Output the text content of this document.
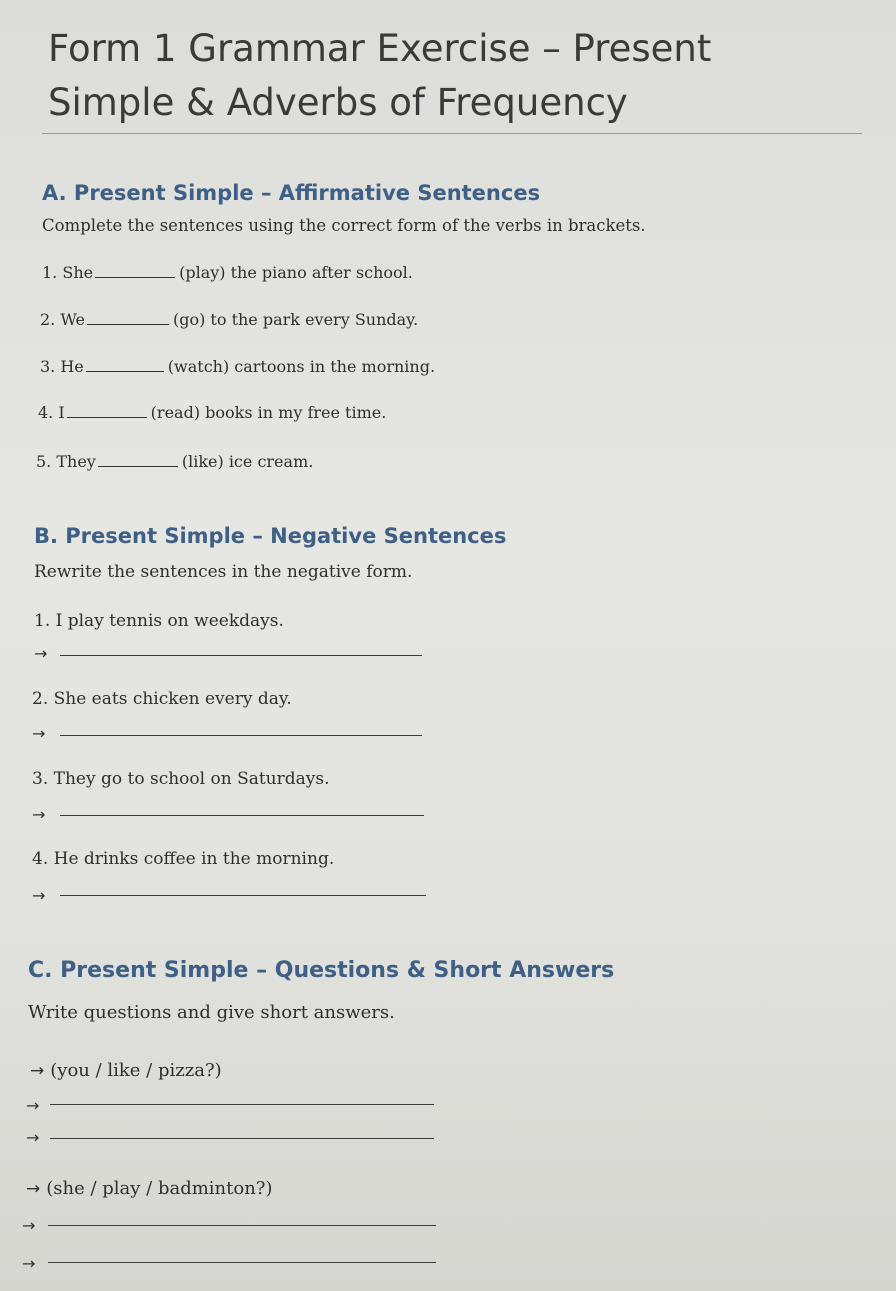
Form 1 Grammar Exercise – Present
Simple & Adverbs of Frequency
A. Present Simple – Affirmative Sentences

Complete the sentences using the correct form of the verbs in brackets.

1. She	(play) the piano after school.

2. We	(go) to the park every Sunday.

3. He	(watch) cartoons in the morning.

4. I	(read) books in my free time.

5. They	(like) ice cream.

B. Present Simple – Negative Sentences

Rewrite the sentences in the negative form.

1. I play tennis on weekdays.

→

2. She eats chicken every day.

→

3. They go to school on Saturdays.

→

4. He drinks coffee in the morning.

→
C. Present Simple – Questions & Short Answers

Write questions and give short answers.

→ (you / like / pizza?)

→
→

→ (she / play / badminton?)

→
→
